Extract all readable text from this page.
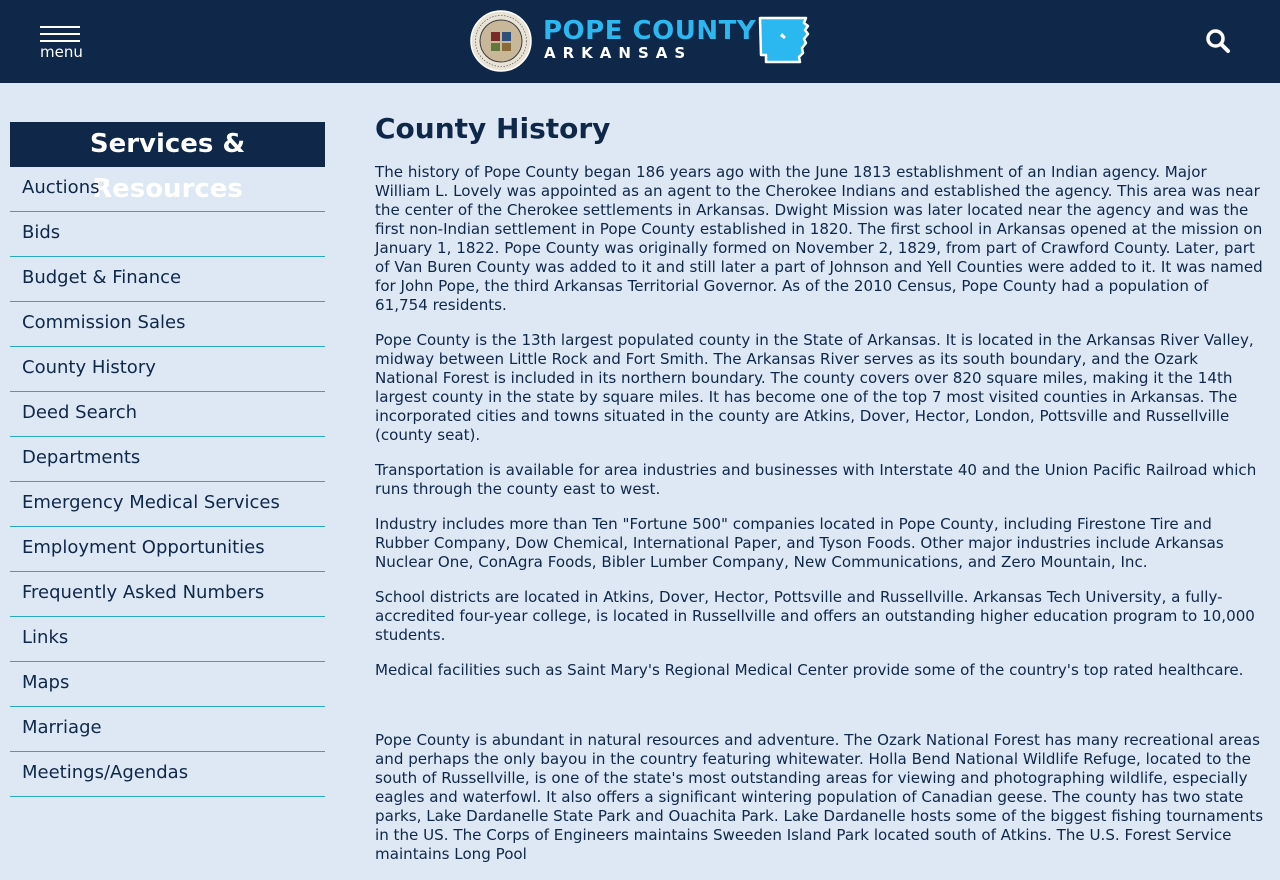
menu
POPE COUNTY
ARKANSAS
Services & Resources
Auctions
Bids
Budget & Finance
Commission Sales
County History
Deed Search
Departments
Emergency Medical Services
Employment Opportunities
Frequently Asked Numbers
Links
Maps
Marriage
Meetings/Agendas
County History

The history of Pope County began 186 years ago with the June 1813 establishment of an Indian agency. Major William L. Lovely was appointed as an agent to the Cherokee Indians and established the agency. This area was near the center of the Cherokee settlements in Arkansas. Dwight Mission was later located near the agency and was the first non-Indian settlement in Pope County established in 1820. The first school in Arkansas opened at the mission on January 1, 1822. Pope County was originally formed on November 2, 1829, from part of Crawford County. Later, part of Van Buren County was added to it and still later a part of Johnson and Yell Counties were added to it. It was named for John Pope, the third Arkansas Territorial Governor. As of the 2010 Census, Pope County had a population of 61,754 residents.

Pope County is the 13th largest populated county in the State of Arkansas. It is located in the Arkansas River Valley, midway between Little Rock and Fort Smith. The Arkansas River serves as its south boundary, and the Ozark National Forest is included in its northern boundary. The county covers over 820 square miles, making it the 14th largest county in the state by square miles. It has become one of the top 7 most visited counties in Arkansas. The incorporated cities and towns situated in the county are Atkins, Dover, Hector, London, Pottsville and Russellville (county seat).

Transportation is available for area industries and businesses with Interstate 40 and the Union Pacific Railroad which runs through the county east to west.

Industry includes more than Ten "Fortune 500" companies located in Pope County, including Firestone Tire and Rubber Company, Dow Chemical, International Paper, and Tyson Foods. Other major industries include Arkansas Nuclear One, ConAgra Foods, Bibler Lumber Company, New Communications, and Zero Mountain, Inc.

School districts are located in Atkins, Dover, Hector, Pottsville and Russellville. Arkansas Tech University, a fully-accredited four-year college, is located in Russellville and offers an outstanding higher education program to 10,000 students.

Medical facilities such as Saint Mary's Regional Medical Center provide some of the country's top rated healthcare.

Pope County is abundant in natural resources and adventure. The Ozark National Forest has many recreational areas and perhaps the only bayou in the country featuring whitewater. Holla Bend National Wildlife Refuge, located to the south of Russellville, is one of the state's most outstanding areas for viewing and photographing wildlife, especially eagles and waterfowl. It also offers a significant wintering population of Canadian geese. The county has two state parks, Lake Dardanelle State Park and Ouachita Park. Lake Dardanelle hosts some of the biggest fishing tournaments in the US. The Corps of Engineers maintains Sweeden Island Park located south of Atkins. The U.S. Forest Service maintains Long Pool
